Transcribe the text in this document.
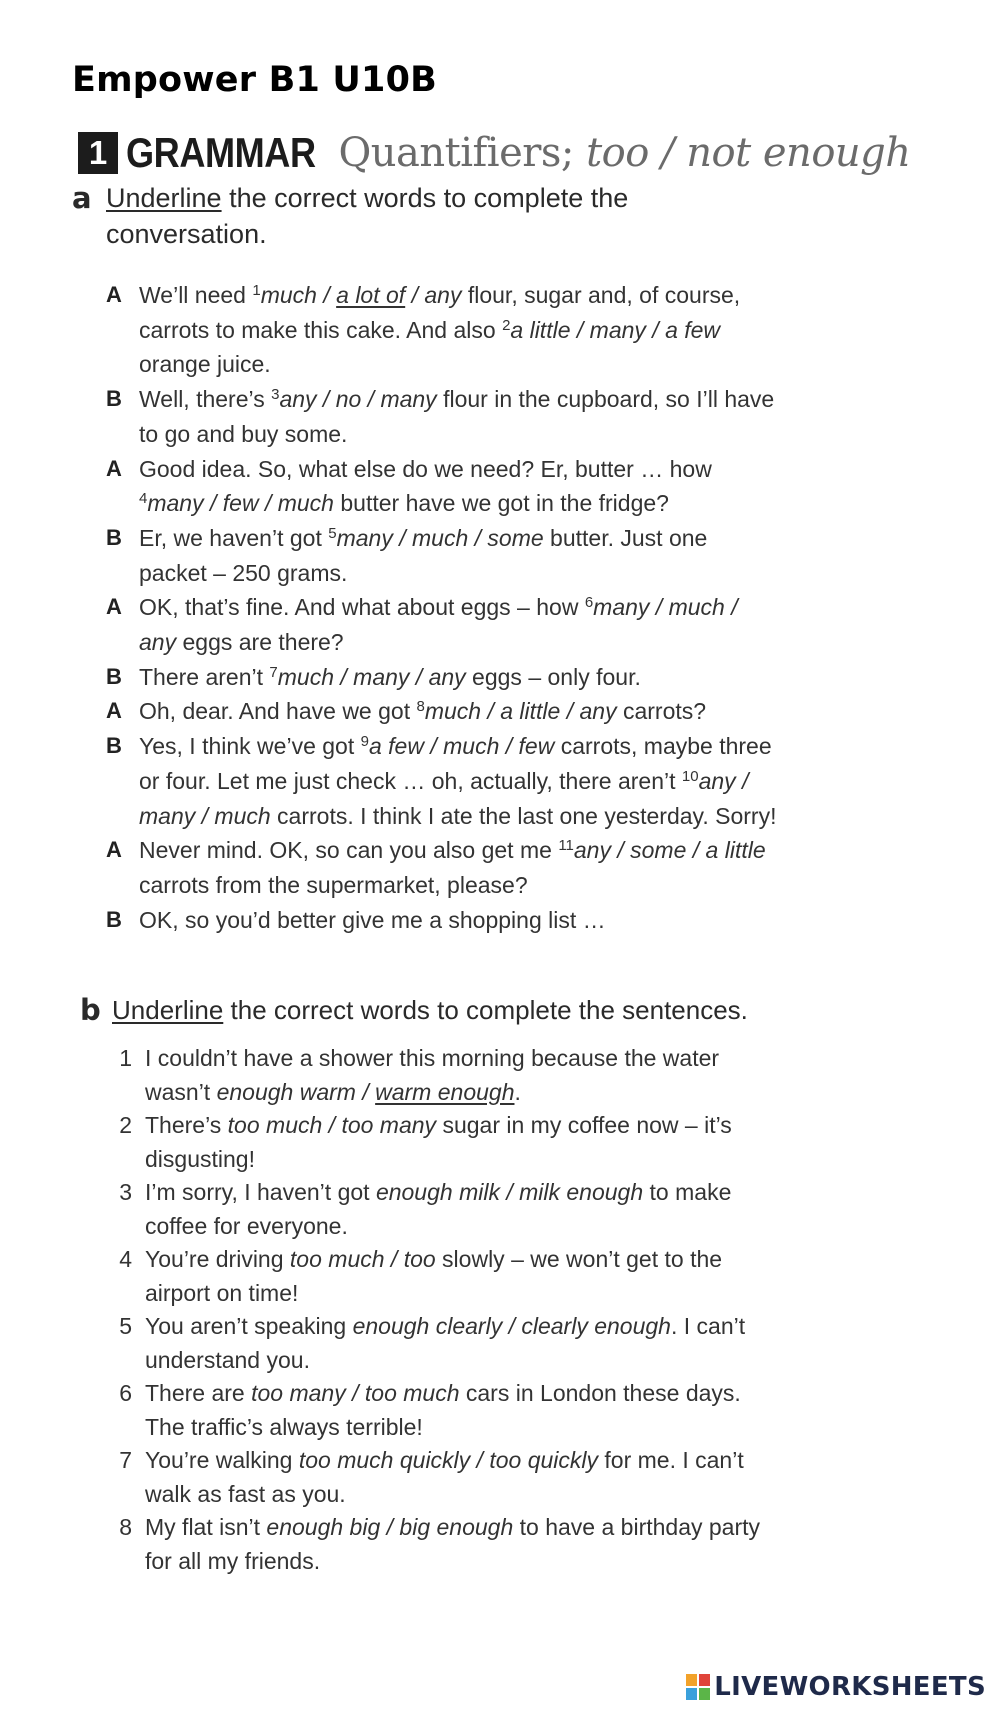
Empower B1 U10B
1 GRAMMAR Quantifiers; too / not enough
a Underline the correct words to complete the conversation.
A We’ll need $^1$much / a lot of / any flour, sugar and, of course, carrots to make this cake. And also $^2$a little / many / a few orange juice.
B Well, there’s $^3$any / no / many flour in the cupboard, so I’ll have to go and buy some.
A Good idea. So, what else do we need? Er, butter … how $^4$many / few / much butter have we got in the fridge?
B Er, we haven’t got $^5$many / much / some butter. Just one packet – 250 grams.
A OK, that’s fine. And what about eggs – how $^6$many / much / any eggs are there?
B There aren’t $^7$much / many / any eggs – only four.
A Oh, dear. And have we got $^8$much / a little / any carrots?
B Yes, I think we’ve got $^9$a few / much / few carrots, maybe three or four. Let me just check … oh, actually, there aren’t $^{10}$any / many / much carrots. I think I ate the last one yesterday. Sorry!
A Never mind. OK, so can you also get me $^{11}$any / some / a little carrots from the supermarket, please?
B OK, so you’d better give me a shopping list …
b Underline the correct words to complete the sentences.
1 I couldn’t have a shower this morning because the water wasn’t enough warm / warm enough.
2 There’s too much / too many sugar in my coffee now – it’s disgusting!
3 I’m sorry, I haven’t got enough milk / milk enough to make coffee for everyone.
4 You’re driving too much / too slowly – we won’t get to the airport on time!
5 You aren’t speaking enough clearly / clearly enough. I can’t understand you.
6 There are too many / too much cars in London these days. The traffic’s always terrible!
7 You’re walking too much quickly / too quickly for me. I can’t walk as fast as you.
8 My flat isn’t enough big / big enough to have a birthday party for all my friends.
LIVEWORKSHEETS
